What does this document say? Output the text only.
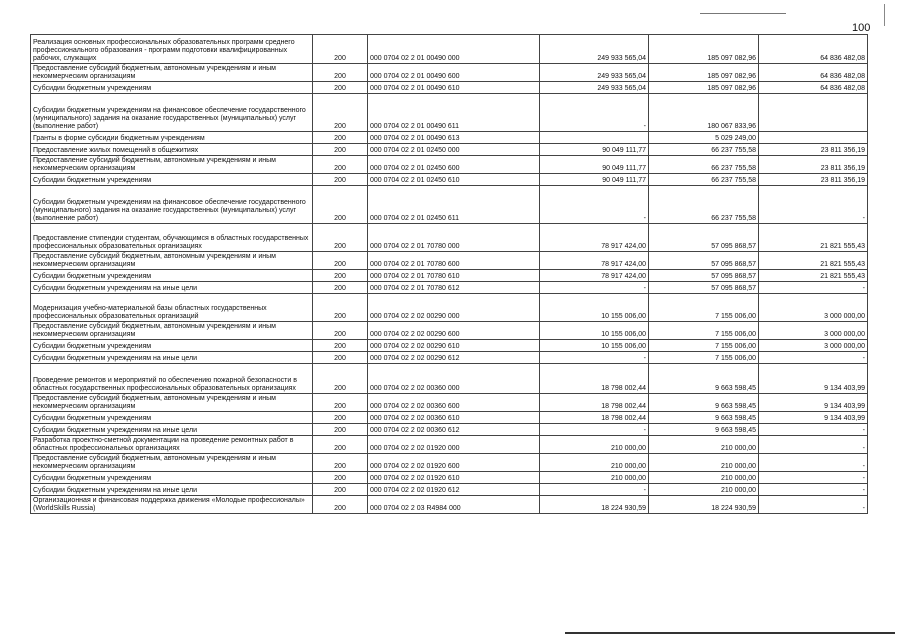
100
Реализация основных профессиональных образовательных программ среднего профессионального образования - программ подготовки квалифицированных рабочих, служащих	200	000 0704 02 2 01 00490 000	249 933 565,04	185 097 082,96	64 836 482,08
Предоставление субсидий бюджетным, автономным учреждениям и иным некоммерческим организациям	200	000 0704 02 2 01 00490 600	249 933 565,04	185 097 082,96	64 836 482,08
Субсидии бюджетным учреждениям	200	000 0704 02 2 01 00490 610	249 933 565,04	185 097 082,96	64 836 482,08
Субсидии бюджетным учреждениям на финансовое обеспечение государственного (муниципального) задания на оказание государственных (муниципальных) услуг (выполнение работ)	200	000 0704 02 2 01 00490 611	-	180 067 833,96	
Гранты в форме субсидии бюджетным учреждениям	200	000 0704 02 2 01 00490 613		5 029 249,00	
Предоставление жилых помещений в общежитиях	200	000 0704 02 2 01 02450 000	90 049 111,77	66 237 755,58	23 811 356,19
Предоставление субсидий бюджетным, автономным учреждениям и иным некоммерческим организациям	200	000 0704 02 2 01 02450 600	90 049 111,77	66 237 755,58	23 811 356,19
Субсидии бюджетным учреждениям	200	000 0704 02 2 01 02450 610	90 049 111,77	66 237 755,58	23 811 356,19
Субсидии бюджетным учреждениям на финансовое обеспечение государственного (муниципального) задания на оказание государственных (муниципальных) услуг (выполнение работ)	200	000 0704 02 2 01 02450 611	-	66 237 755,58	-
Предоставление стипендии студентам, обучающимся в областных государственных профессиональных образовательных организациях	200	000 0704 02 2 01 70780 000	78 917 424,00	57 095 868,57	21 821 555,43
Предоставление субсидий бюджетным, автономным учреждениям и иным некоммерческим организациям	200	000 0704 02 2 01 70780 600	78 917 424,00	57 095 868,57	21 821 555,43
Субсидии бюджетным учреждениям	200	000 0704 02 2 01 70780 610	78 917 424,00	57 095 868,57	21 821 555,43
Субсидии бюджетным учреждениям на иные цели	200	000 0704 02 2 01 70780 612	-	57 095 868,57	-
Модернизация учебно-материальной базы областных государственных профессиональных образовательных организаций	200	000 0704 02 2 02 00290 000	10 155 006,00	7 155 006,00	3 000 000,00
Предоставление субсидий бюджетным, автономным учреждениям и иным некоммерческим организациям	200	000 0704 02 2 02 00290 600	10 155 006,00	7 155 006,00	3 000 000,00
Субсидии бюджетным учреждениям	200	000 0704 02 2 02 00290 610	10 155 006,00	7 155 006,00	3 000 000,00
Субсидии бюджетным учреждениям на иные цели	200	000 0704 02 2 02 00290 612	-	7 155 006,00	-
Проведение ремонтов и мероприятий по обеспечению пожарной безопасности в областных государственных профессиональных образовательных организациях	200	000 0704 02 2 02 00360 000	18 798 002,44	9 663 598,45	9 134 403,99
Предоставление субсидий бюджетным, автономным учреждениям и иным некоммерческим организациям	200	000 0704 02 2 02 00360 600	18 798 002,44	9 663 598,45	9 134 403,99
Субсидии бюджетным учреждениям	200	000 0704 02 2 02 00360 610	18 798 002,44	9 663 598,45	9 134 403,99
Субсидии бюджетным учреждениям на иные цели	200	000 0704 02 2 02 00360 612	-	9 663 598,45	-
Разработка проектно-сметной документации на проведение ремонтных работ в областных профессиональных организациях	200	000 0704 02 2 02 01920 000	210 000,00	210 000,00	-
Предоставление субсидий бюджетным, автономным учреждениям и иным некоммерческим организациям	200	000 0704 02 2 02 01920 600	210 000,00	210 000,00	-
Субсидии бюджетным учреждениям	200	000 0704 02 2 02 01920 610	210 000,00	210 000,00	-
Субсидии бюджетным учреждениям на иные цели	200	000 0704 02 2 02 01920 612	-	210 000,00	-
Организационная и финансовая поддержка движения «Молодые профессионалы» (WorldSkills Russia)	200	000 0704 02 2 03 R4984 000	18 224 930,59	18 224 930,59	-
